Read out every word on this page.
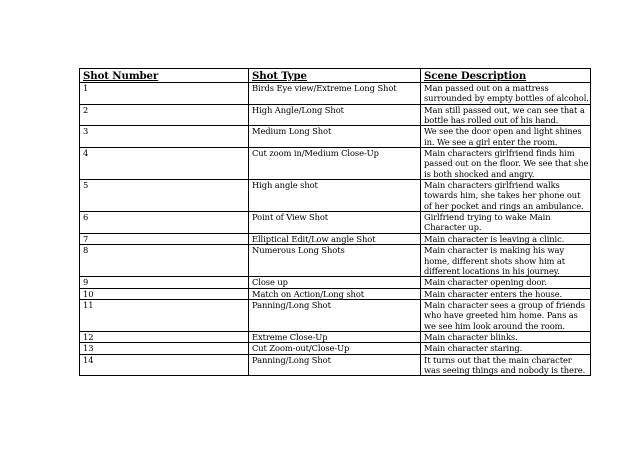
Shot Number	Shot Type	Scene Description
1	Birds Eye view/Extreme Long Shot	Man passed out on a mattress surrounded by empty bottles of alcohol.
2	High Angle/Long Shot	Man still passed out, we can see that a bottle has rolled out of his hand.
3	Medium Long Shot	We see the door open and light shines in. We see a girl enter the room.
4	Cut zoom in/Medium Close-Up	Main characters girlfriend finds him passed out on the floor. We see that she is both shocked and angry.
5	High angle shot	Main characters girlfriend walks towards him, she takes her phone out of her pocket and rings an ambulance.
6	Point of View Shot	Girlfriend trying to wake Main Character up.
7	Elliptical Edit/Low angle Shot	Main character is leaving a clinic.
8	Numerous Long Shots	Main character is making his way home, different shots show him at different locations in his journey.
9	Close up	Main character opening door.
10	Match on Action/Long shot	Main character enters the house.
11	Panning/Long Shot	Main character sees a group of friends who have greeted him home. Pans as we see him look around the room.
12	Extreme Close-Up	Main character blinks.
13	Cut Zoom-out/Close-Up	Main character staring.
14	Panning/Long Shot	It turns out that the main character was seeing things and nobody is there.
